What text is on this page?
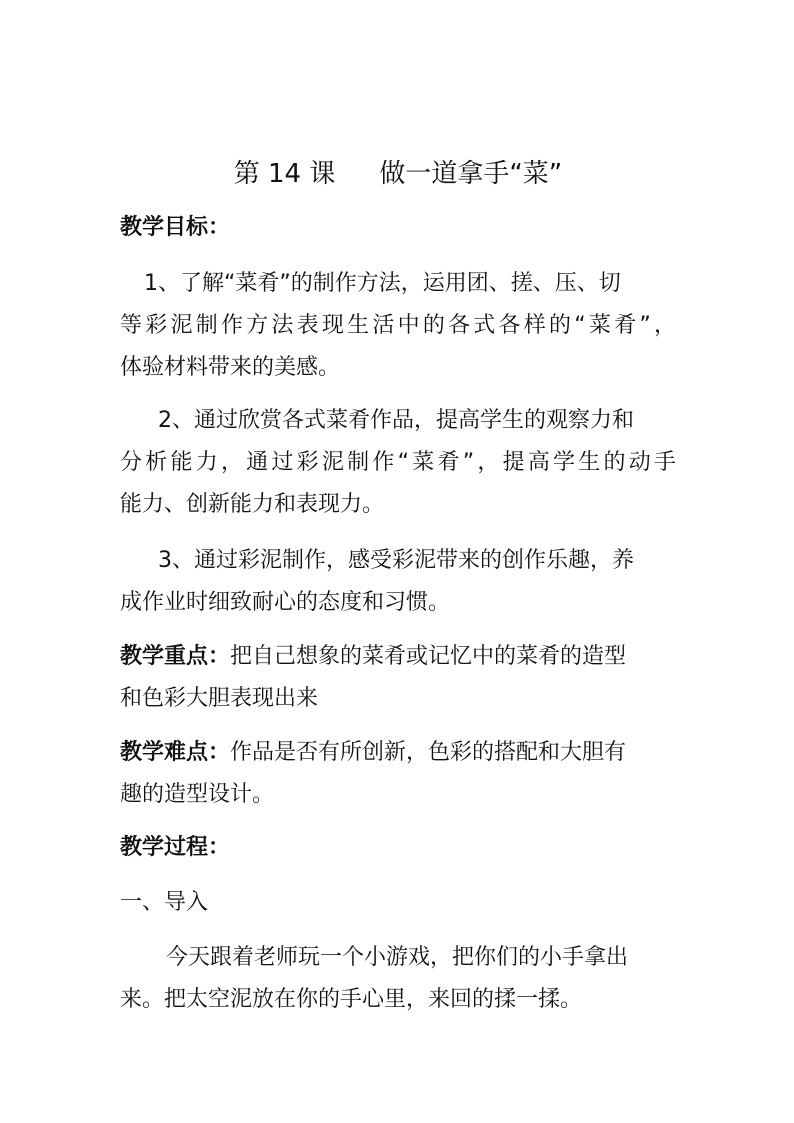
第 14 课 做一道拿手“菜”
教学目标：
1、了解“菜肴”的制作方法，运用团、搓、压、切
等彩泥制作方法表现生活中的各式各样的“菜肴”，
体验材料带来的美感。
2、通过欣赏各式菜肴作品，提高学生的观察力和
分析能力，通过彩泥制作“菜肴”，提高学生的动手
能力、创新能力和表现力。
3、通过彩泥制作，感受彩泥带来的创作乐趣，养
成作业时细致耐心的态度和习惯。
教学重点：把自己想象的菜肴或记忆中的菜肴的造型
和色彩大胆表现出来
教学难点：作品是否有所创新，色彩的搭配和大胆有
趣的造型设计。
教学过程：
一、导入
今天跟着老师玩一个小游戏，把你们的小手拿出
来。把太空泥放在你的手心里，来回的揉一揉。
